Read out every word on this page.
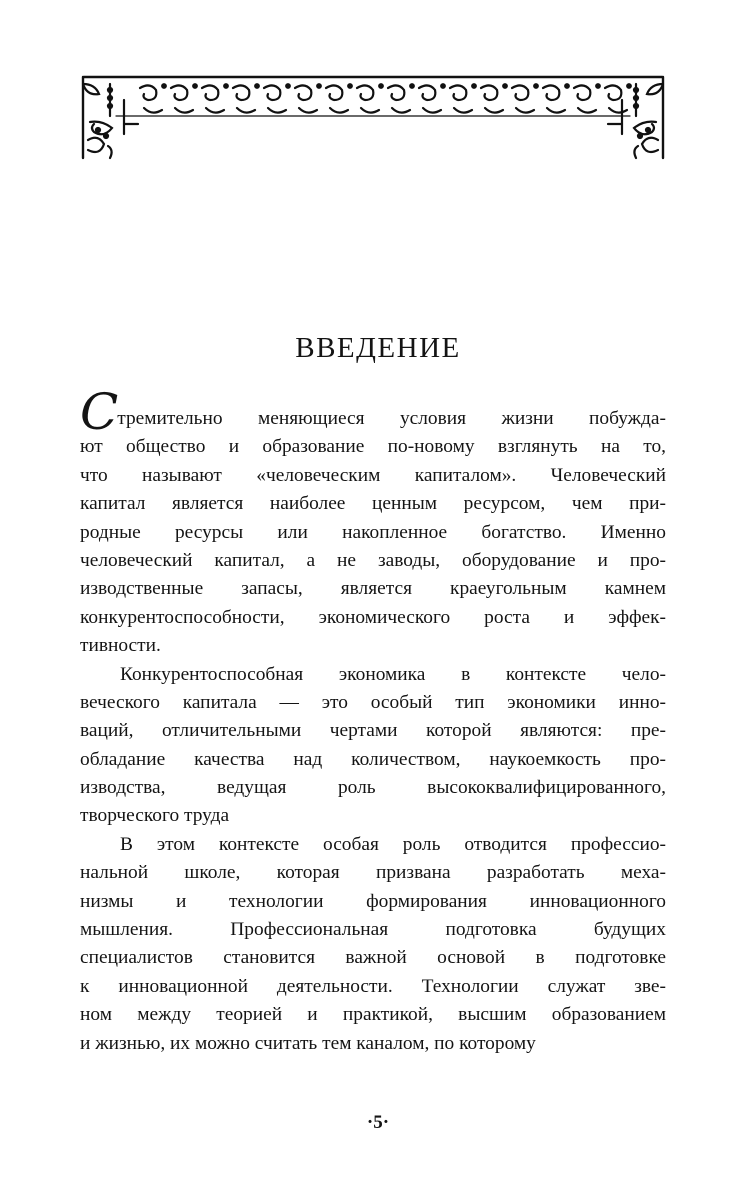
ВВЕДЕНИЕ
Стремительно меняющиеся условия жизни побужда-
ют общество и образование по-новому взглянуть на то,
что называют «человеческим капиталом». Человеческий
капитал является наиболее ценным ресурсом, чем при-
родные ресурсы или накопленное богатство. Именно
человеческий капитал, а не заводы, оборудование и про-
изводственные запасы, является краеугольным камнем
конкурентоспособности, экономического роста и эффек-
тивности.
Конкурентоспособная экономика в контексте чело-
веческого капитала — это особый тип экономики инно-
ваций, отличительными чертами которой являются: пре-
обладание качества над количеством, наукоемкость про-
изводства, ведущая роль высококвалифицированного,
творческого труда
В этом контексте особая роль отводится профессио-
нальной школе, которая призвана разработать меха-
низмы и технологии формирования инновационного
мышления. Профессиональная подготовка будущих
специалистов становится важной основой в подготовке
к инновационной деятельности. Технологии служат зве-
ном между теорией и практикой, высшим образованием
и жизнью, их можно считать тем каналом, по которому

·5·
